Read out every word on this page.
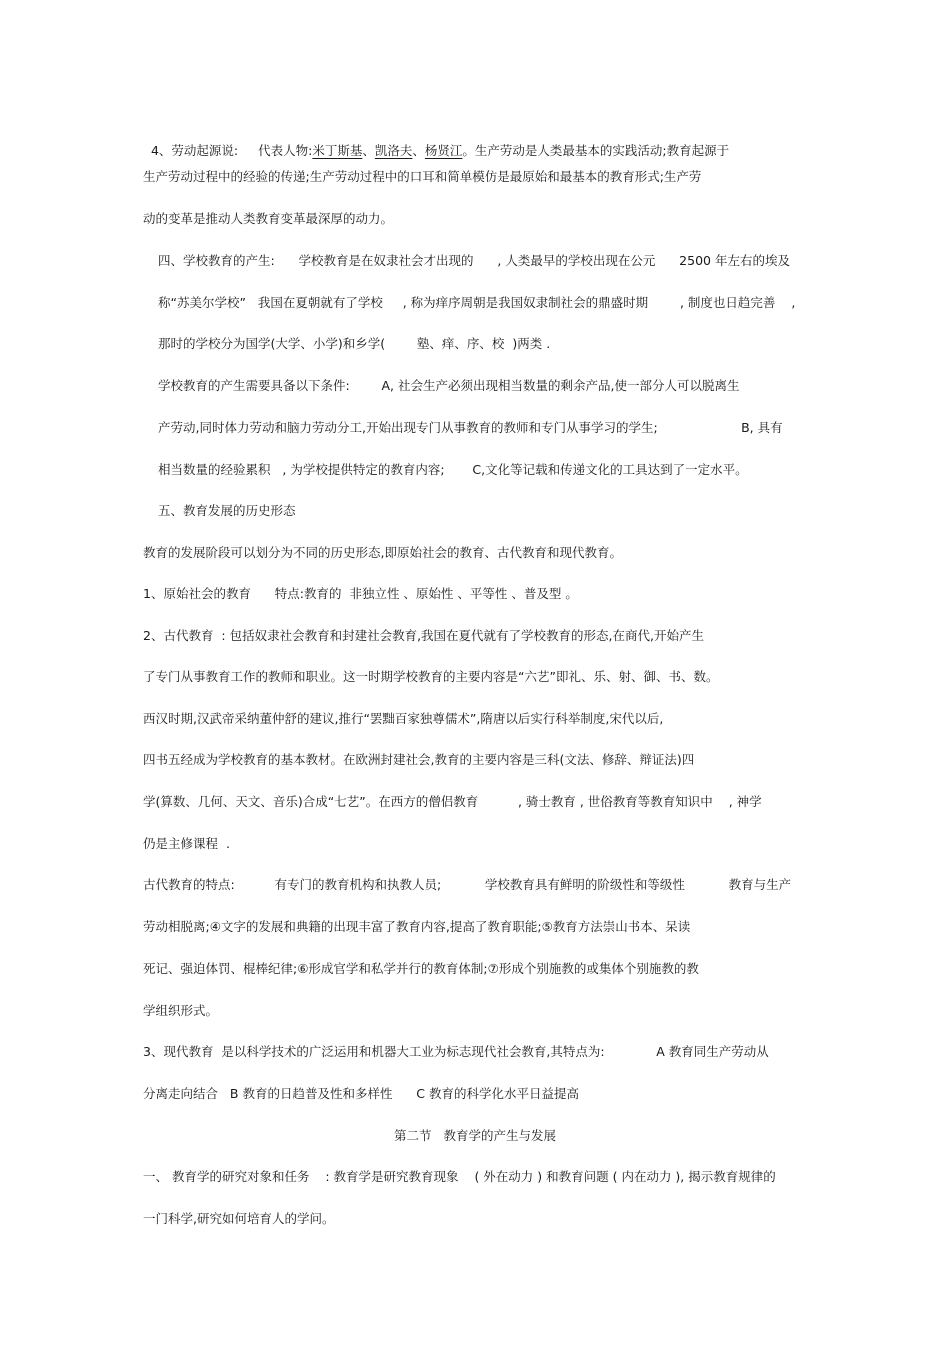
4、劳动起源说: 代表人物:米丁斯基、凯洛夫、杨贤江。生产劳动是人类最基本的实践活动;教育起源于

生产劳动过程中的经验的传递;生产劳动过程中的口耳和简单模仿是最原始和最基本的教育形式;生产劳
动的变革是推动人类教育变革最深厚的动力。
四、学校教育的产生:      学校教育是在奴隶社会才出现的      , 人类最早的学校出现在公元      2500 年左右的埃及
称“苏美尔学校”   我国在夏朝就有了学校     , 称为痒序周朝是我国奴隶制社会的鼎盛时期        , 制度也日趋完善    ,
那时的学校分为国学(大学、小学)和乡学(        塾、痒、序、校  )两类 .
学校教育的产生需要具备以下条件:        A, 社会生产必须出现相当数量的剩余产品,使一部分人可以脱离生
产劳动,同时体力劳动和脑力劳动分工,开始出现专门从事教育的教师和专门从事学习的学生;                     B, 具有
相当数量的经验累积   , 为学校提供特定的教育内容;       C,文化等记载和传递文化的工具达到了一定水平。
五、教育发展的历史形态
教育的发展阶段可以划分为不同的历史形态,即原始社会的教育、古代教育和现代教育。
1、原始社会的教育      特点:教育的  非独立性 、原始性 、平等性 、普及型 。
2、古代教育  : 包括奴隶社会教育和封建社会教育,我国在夏代就有了学校教育的形态,在商代,开始产生
了专门从事教育工作的教师和职业。这一时期学校教育的主要内容是“六艺”即礼、乐、射、御、书、数。
西汉时期,汉武帝采纳董仲舒的建议,推行“罢黜百家独尊儒术”,隋唐以后实行科举制度,宋代以后,
四书五经成为学校教育的基本教材。在欧洲封建社会,教育的主要内容是三科(文法、修辞、辩证法)四
学(算数、几何、天文、音乐)合成“七艺”。在西方的僧侣教育          , 骑士教育 , 世俗教育等教育知识中    , 神学
仍是主修课程  .
古代教育的特点:          有专门的教育机构和执教人员;           学校教育具有鲜明的阶级性和等级性           教育与生产
劳动相脱离;④文字的发展和典籍的出现丰富了教育内容,提高了教育职能;⑤教育方法崇山书本、呆读
死记、强迫体罚、棍棒纪律;⑥形成官学和私学并行的教育体制;⑦形成个别施教的或集体个别施教的教
学组织形式。
3、现代教育  是以科学技术的广泛运用和机器大工业为标志现代社会教育,其特点为:             A 教育同生产劳动从
分离走向结合   B 教育的日趋普及性和多样性      C 教育的科学化水平日益提高
第二节   教育学的产生与发展
一、 教育学的研究对象和任务    : 教育学是研究教育现象    ( 外在动力 ) 和教育问题 ( 内在动力 ), 揭示教育规律的
一门科学,研究如何培育人的学问。
